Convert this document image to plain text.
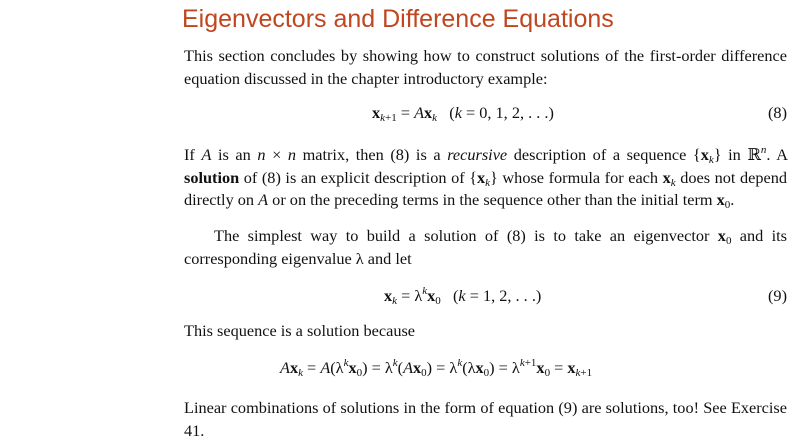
Eigenvectors and Difference Equations

This section concludes by showing how to construct solutions of the first-order difference equation discussed in the chapter introductory example:

$x_{k+1} = Ax_k$   (k = 0, 1, 2, . . .)	(8)

If A is an n × n matrix, then (8) is a recursive description of a sequence $\{x_k\}$ in ℝ$^n$. A solution of (8) is an explicit description of $\{x_k\}$ whose formula for each $x_k$ does not depend directly on A or on the preceding terms in the sequence other than the initial term $x_0$.

The simplest way to build a solution of (8) is to take an eigenvector $x_0$ and its corresponding eigenvalue λ and let

$x_k = \lambda^kx_0$   (k = 1, 2, . . .)	(9)

This sequence is a solution because

$Ax_k = A(\lambda^kx_0) = \lambda^k(Ax_0) = \lambda^k(\lambda x_0) = \lambda^{k+1}x_0 = x_{k+1}$

Linear combinations of solutions in the form of equation (9) are solutions, too! See Exercise 41.
